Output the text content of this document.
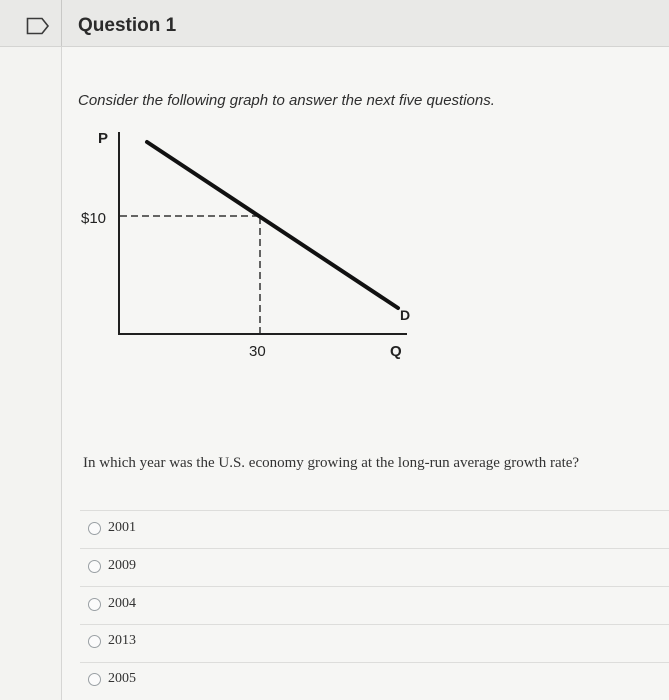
Question 1
Consider the following graph to answer the next five questions.
P
$10
30	Q
D
In which year was the U.S. economy growing at the long-run average growth rate?
2001
2009
2004
2013
2005
